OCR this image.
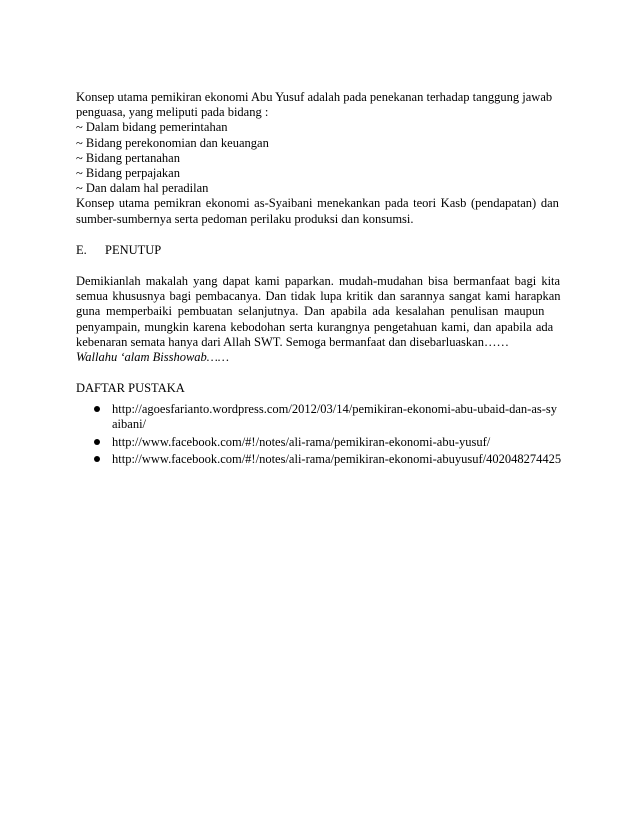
Konsep utama pemikiran ekonomi Abu Yusuf adalah pada penekanan terhadap tanggung jawab
penguasa, yang meliputi pada bidang :
~ Dalam bidang pemerintahan
~ Bidang perekonomian dan keuangan
~ Bidang pertanahan
~ Bidang perpajakan
~ Dan dalam hal peradilan
Konsep utama pemikran ekonomi as-Syaibani menekankan pada teori Kasb (pendapatan) dan
sumber-sumbernya serta pedoman perilaku produksi dan konsumsi.
E.	PENUTUP
Demikianlah makalah yang dapat kami paparkan. mudah-mudahan bisa bermanfaat bagi kita
semua khususnya bagi pembacanya. Dan tidak lupa kritik dan sarannya sangat kami harapkan
guna memperbaiki pembuatan selanjutnya. Dan apabila ada kesalahan penulisan maupun
penyampain, mungkin karena kebodohan serta kurangnya pengetahuan kami, dan apabila ada
kebenaran semata hanya dari Allah SWT. Semoga bermanfaat dan disebarluaskan……
Wallahu ‘alam Bisshowab……
DAFTAR PUSTAKA
http://agoesfarianto.wordpress.com/2012/03/14/pemikiran-ekonomi-abu-ubaid-dan-as-syaibani/
http://www.facebook.com/#!/notes/ali-rama/pemikiran-ekonomi-abu-yusuf/
http://www.facebook.com/#!/notes/ali-rama/pemikiran-ekonomi-abuyusuf/402048274425
